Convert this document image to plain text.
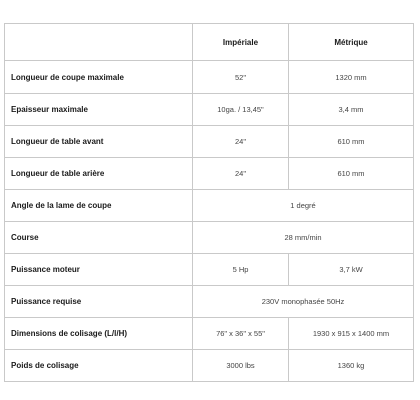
	Impériale	Métrique
Longueur de coupe maximale	52"	1320 mm
Epaisseur maximale	10ga. / 13,45"	3,4 mm
Longueur de table avant	24"	610 mm
Longueur de table arière	24"	610 mm
Angle de la lame de coupe	1 degré	
Course	28 mm/min	
Puissance moteur	5 Hp	3,7 kW
Puissance requise	230V monophasée 50Hz	
Dimensions de colisage (L/l/H)	76" x 36" x 55"	1930 x 915 x 1400 mm
Poids de colisage	3000 lbs	1360 kg
